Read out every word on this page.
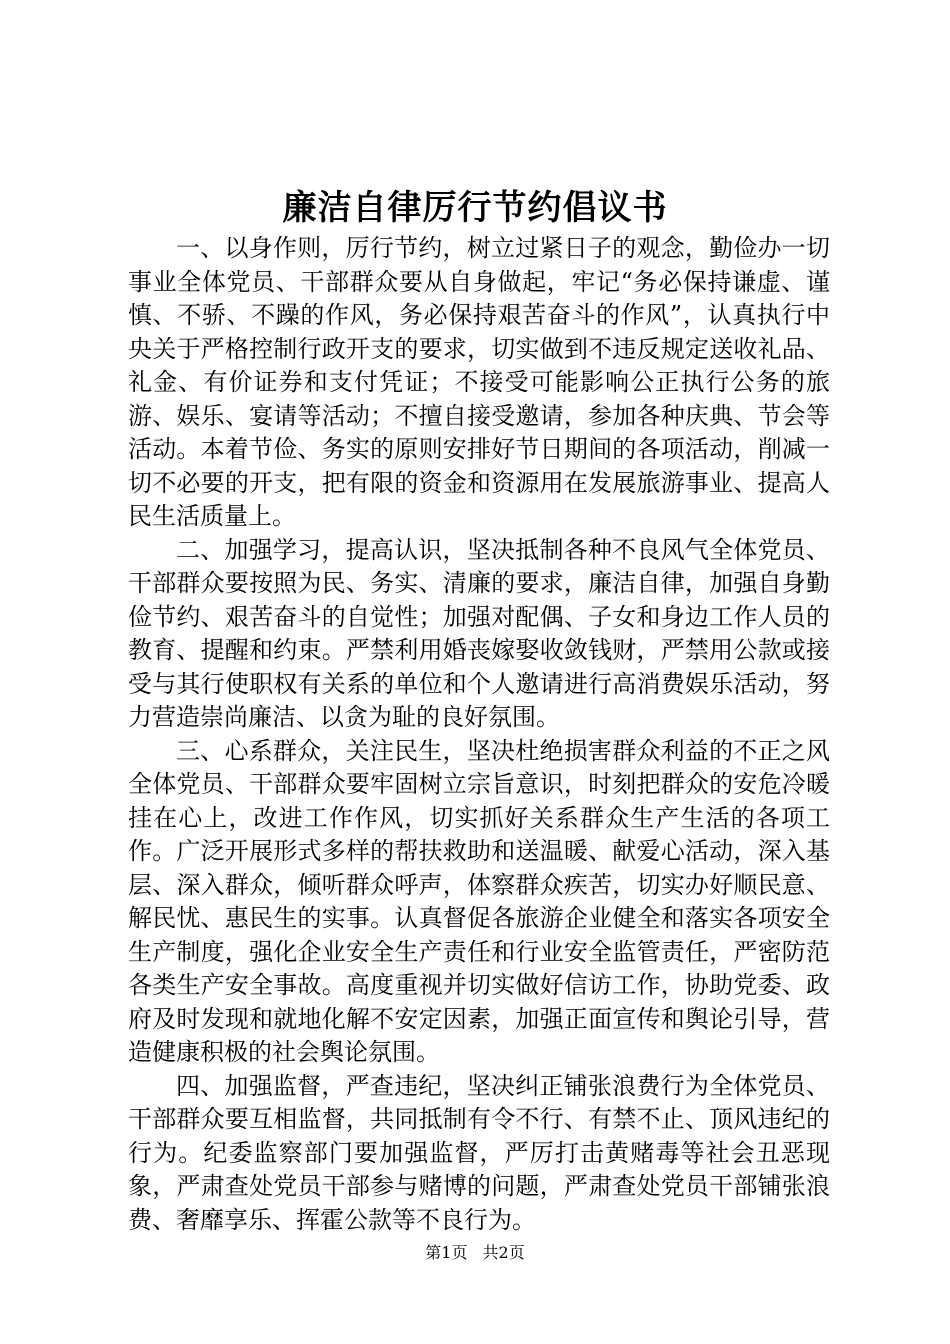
廉洁自律厉行节约倡议书

一、以身作则，厉行节约，树立过紧日子的观念，勤俭办一切事业全体党员、干部群众要从自身做起，牢记“务必保持谦虚、谨慎、不骄、不躁的作风，务必保持艰苦奋斗的作风”，认真执行中央关于严格控制行政开支的要求，切实做到不违反规定送收礼品、礼金、有价证券和支付凭证；不接受可能影响公正执行公务的旅游、娱乐、宴请等活动；不擅自接受邀请，参加各种庆典、节会等活动。本着节俭、务实的原则安排好节日期间的各项活动，削减一切不必要的开支，把有限的资金和资源用在发展旅游事业、提高人民生活质量上。

二、加强学习，提高认识，坚决抵制各种不良风气全体党员、干部群众要按照为民、务实、清廉的要求，廉洁自律，加强自身勤俭节约、艰苦奋斗的自觉性；加强对配偶、子女和身边工作人员的教育、提醒和约束。严禁利用婚丧嫁娶收敛钱财，严禁用公款或接受与其行使职权有关系的单位和个人邀请进行高消费娱乐活动，努力营造崇尚廉洁、以贪为耻的良好氛围。

三、心系群众，关注民生，坚决杜绝损害群众利益的不正之风全体党员、干部群众要牢固树立宗旨意识，时刻把群众的安危冷暖挂在心上，改进工作作风，切实抓好关系群众生产生活的各项工作。广泛开展形式多样的帮扶救助和送温暖、献爱心活动，深入基层、深入群众，倾听群众呼声，体察群众疾苦，切实办好顺民意、解民忧、惠民生的实事。认真督促各旅游企业健全和落实各项安全生产制度，强化企业安全生产责任和行业安全监管责任，严密防范各类生产安全事故。高度重视并切实做好信访工作，协助党委、政府及时发现和就地化解不安定因素，加强正面宣传和舆论引导，营造健康积极的社会舆论氛围。

四、加强监督，严查违纪，坚决纠正铺张浪费行为全体党员、干部群众要互相监督，共同抵制有令不行、有禁不止、顶风违纪的行为。纪委监察部门要加强监督，严厉打击黄赌毒等社会丑恶现象，严肃查处党员干部参与赌博的问题，严肃查处党员干部铺张浪费、奢靡享乐、挥霍公款等不良行为。

第1页 共2页
